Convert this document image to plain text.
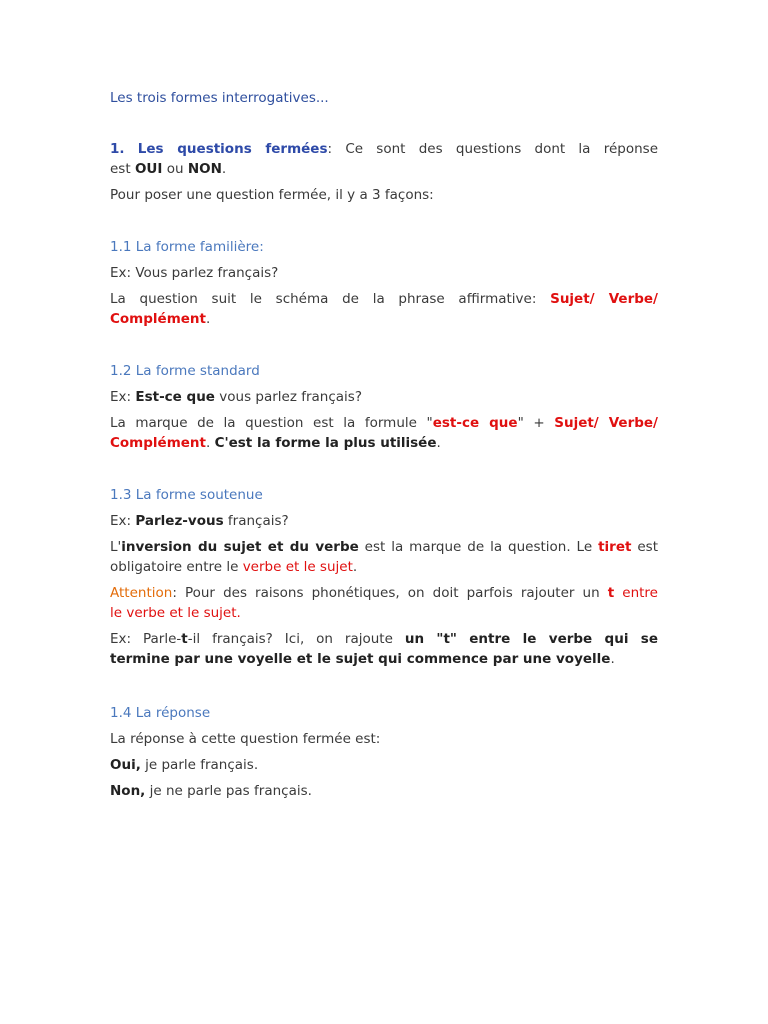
Les trois formes interrogatives...
1. Les questions fermées: Ce sont des questions dont la réponse
est OUI ou NON.
Pour poser une question fermée, il y a 3 façons:
1.1 La forme familière:
Ex: Vous parlez français?
La question suit le schéma de la phrase affirmative: Sujet/ Verbe/
Complément.
1.2 La forme standard
Ex: Est-ce que vous parlez français?
La marque de la question est la formule "est-ce que" + Sujet/ Verbe/
Complément. C'est la forme la plus utilisée.
1.3 La forme soutenue
Ex: Parlez-vous français?
L'inversion du sujet et du verbe est la marque de la question. Le tiret est
obligatoire entre le verbe et le sujet.
Attention: Pour des raisons phonétiques, on doit parfois rajouter un t entre
le verbe et le sujet.
Ex: Parle-t-il français? Ici, on rajoute un "t" entre le verbe qui se
termine par une voyelle et le sujet qui commence par une voyelle.
1.4 La réponse
La réponse à cette question fermée est:
Oui, je parle français.
Non, je ne parle pas français.
